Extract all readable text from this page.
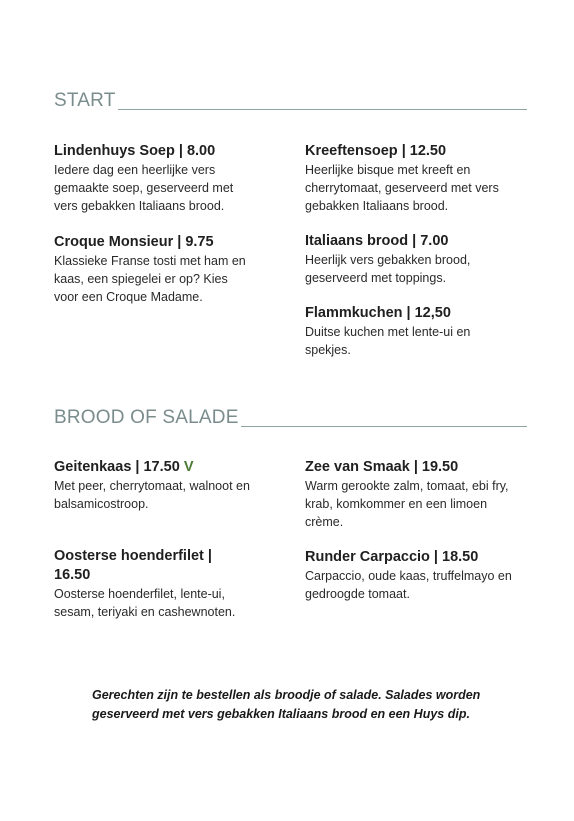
START
Lindenhuys Soep | 8.00
Iedere dag een heerlijke vers gemaakte soep, geserveerd met vers gebakken Italiaans brood.
Croque Monsieur | 9.75
Klassieke Franse tosti met ham en kaas, een spiegelei er op? Kies voor een Croque Madame.
Kreeftensoep | 12.50
Heerlijke bisque met kreeft en cherrytomaat, geserveerd met vers gebakken Italiaans brood.
Italiaans brood | 7.00
Heerlijk vers gebakken brood, geserveerd met toppings.
Flammkuchen | 12,50
Duitse kuchen met lente-ui en spekjes.
BROOD OF SALADE
Geitenkaas | 17.50 V
Met peer, cherrytomaat, walnoot en balsamicostroop.
Oosterse hoenderfilet | 16.50
Oosterse hoenderfilet, lente-ui, sesam, teriyaki en cashewnoten.
Zee van Smaak | 19.50
Warm gerookte zalm, tomaat, ebi fry, krab, komkommer en een limoen crème.
Runder Carpaccio | 18.50
Carpaccio, oude kaas, truffelmayo en gedroogde tomaat.
Gerechten zijn te bestellen als broodje of salade. Salades worden geserveerd met vers gebakken Italiaans brood en een Huys dip.
